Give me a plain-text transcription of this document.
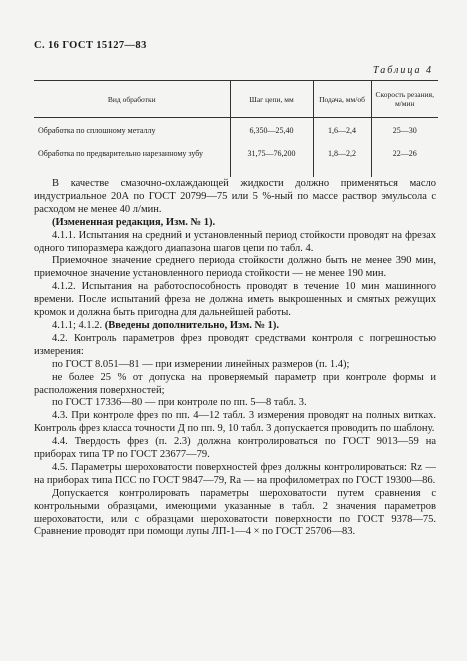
С. 16 ГОСТ 15127—83
Таблица 4
Вид обработки	Шаг цепи, мм	Подача, мм/об	Скорость резания, м/мин
Обработка по сплошному металлу	6,350—25,40	1,6—2,4	25—30
Обработка по предварительно нарезанному зубу	31,75—76,200	1,8—2,2	22—26

В качестве смазочно-охлаждающей жидкости должно применяться масло индустриальное 20А по ГОСТ 20799—75 или 5 %-ный по массе раствор эмульсола с расходом не менее 40 л/мин.

(Измененная редакция, Изм. № 1).

4.1.1. Испытания на средний и установленный период стойкости проводят на фрезах одного типоразмера каждого диапазона шагов цепи по табл. 4.

Приемочное значение среднего периода стойкости должно быть не менее 390 мин, приемочное значение установленного периода стойкости — не менее 190 мин.

4.1.2. Испытания на работоспособность проводят в течение 10 мин машинного времени. После испытаний фреза не должна иметь выкрошенных и смятых режущих кромок и должна быть пригодна для дальнейшей работы.

4.1.1; 4.1.2. (Введены дополнительно, Изм. № 1).

4.2. Контроль параметров фрез проводят средствами контроля с погрешностью измерения:

по ГОСТ 8.051—81 — при измерении линейных размеров (п. 1.4);

не более 25 % от допуска на проверяемый параметр при контроле формы и расположения поверхностей;

по ГОСТ 17336—80 — при контроле по пп. 5—8 табл. 3.

4.3. При контроле фрез по пп. 4—12 табл. 3 измерения проводят на полных витках. Контроль фрез класса точности Д по пп. 9, 10 табл. 3 допускается проводить по шаблону.

4.4. Твердость фрез (п. 2.3) должна контролироваться по ГОСТ 9013—59 на приборах типа ТР по ГОСТ 23677—79.

4.5. Параметры шероховатости поверхностей фрез должны контролироваться: Rz — на приборах типа ПСС по ГОСТ 9847—79, Ra — на профилометрах по ГОСТ 19300—86.

Допускается контролировать параметры шероховатости путем сравнения с контрольными образцами, имеющими указанные в табл. 2 значения параметров шероховатости, или с образцами шероховатости поверхности по ГОСТ 9378—75. Сравнение проводят при помощи лупы ЛП-1—4 × по ГОСТ 25706—83.
